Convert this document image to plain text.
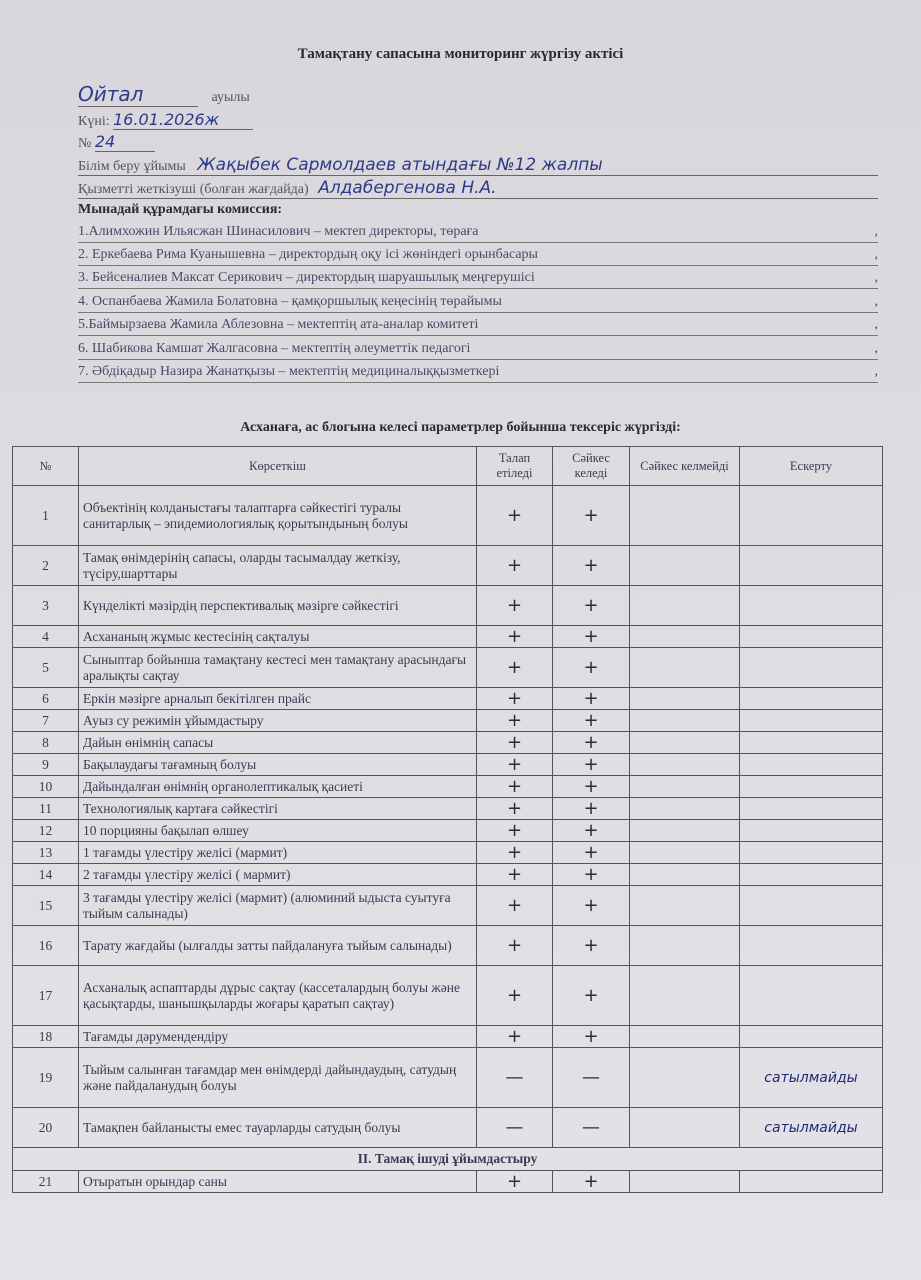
Тамақтану сапасына мониторинг жүргізу актісі
Ойтал	ауылы
Күні: 16.01.2026ж
№ 24
Білім беру ұйымы Жақыбек Сармолдаев атындағы №12 жалпы
Қызметті жеткізуші (болған жағдайда) Алдабергенова Н.А.
Мынадай құрамдағы комиссия:
1.Алимхожин Ильясжан Шинасилович – мектеп директоры, төраға	,
2. Еркебаева Рима Куанышевна – директордың оқу ісі жөніндегі орынбасары	,
3. Бейсеналиев Максат Серикович – директордың шаруашылық меңгерушісі	,
4. Оспанбаева Жамила Болатовна – қамқоршылық кеңесінің төрайымы	,
5.Баймырзаева Жамила Аблезовна – мектептің ата-аналар комитеті	,
6. Шабикова Камшат Жалгасовна – мектептің әлеуметтік педагогі	,
7. Әбдіқадыр Назира Жанатқызы – мектептің медициналыққызметкері	,
Асханаға, ас блогына келесі параметрлер бойынша тексеріс жүргізді:
№	Көрсеткіш	Талап етіледі	Сәйкес келеді	Сәйкес келмейді	Ескерту
1	Объектінің колданыстағы талаптарға сәйкестігі туралы санитарлық – эпидемиологиялық қорытындының болуы	+	+		
2	Тамақ өнімдерінің сапасы, оларды тасымалдау жеткізу, түсіру,шарттары	+	+		
3	Күнделікті мәзірдің перспективалық мәзірге сәйкестігі	+	+		
4	Асхананың жұмыс кестесінің сақталуы	+	+		
5	Сыныптар бойынша тамақтану кестесі мен тамақтану арасындағы аралықты сақтау	+	+		
6	Еркін мәзірге арналып бекітілген прайс	+	+		
7	Ауыз су режимін ұйымдастыру	+	+		
8	Дайын өнімнің сапасы	+	+		
9	Бақылаудағы тағамның болуы	+	+		
10	Дайындалған өнімнің органолептикалық қасиеті	+	+		
11	Технологиялық картаға сәйкестігі	+	+		
12	10 порцияны бақылап өлшеу	+	+		
13	1 тағамды үлестіру желісі (мармит)	+	+		
14	2 тағамды үлестіру желісі ( мармит)	+	+		
15	3 тағамды үлестіру желісі (мармит) (алюминий ыдыста суытуға тыйым салынады)	+	+		
16	Тарату жағдайы (ылғалды затты пайдалануға тыйым салынады)	+	+		
17	Асханалық аспаптарды дұрыс сақтау (кассеталардың болуы және қасықтарды, шанышқыларды жоғары қаратып сақтау)	+	+		
18	Тағамды дәрумендендіру	+	+		
19	Тыйым салынған тағамдар мен өнімдерді дайындаудың, сатудың және пайдаланудың болуы	—	—		сатылмайды
20	Тамақпен байланысты емес тауарларды сатудың болуы	—	—		сатылмайды
II. Тамақ ішуді ұйымдастыру					
21	Отыратын орындар саны	+	+		
